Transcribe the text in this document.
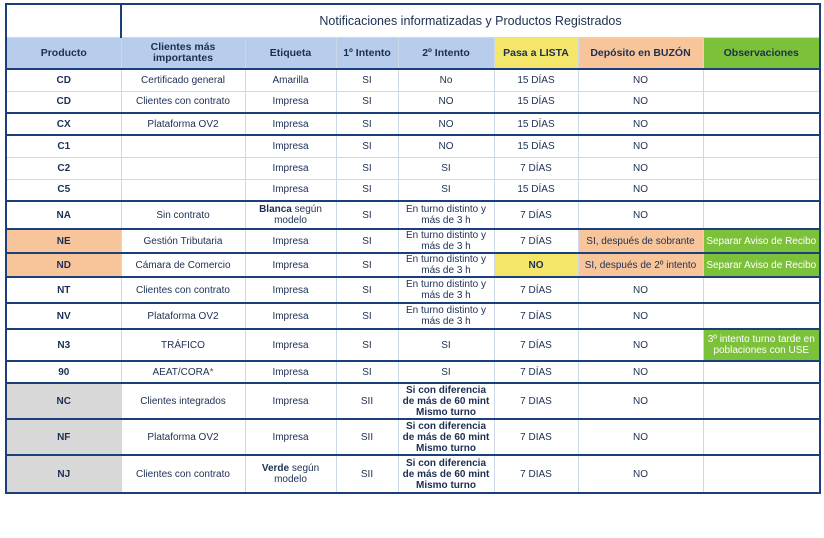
	Notificaciones informatizadas y Productos Registrados						
Producto	Clientes más importantes	Etiqueta	1º Intento	2º Intento	Pasa a LISTA	Depósito en BUZÓN	Observaciones
CD	Certificado general	Amarilla	SI	No	15 DÍAS	NO	
CD	Clientes con contrato	Impresa	SI	NO	15 DÍAS	NO	
CX	Plataforma OV2	Impresa	SI	NO	15 DÍAS	NO	
C1		Impresa	SI	NO	15 DÍAS	NO	
C2		Impresa	SI	SI	7 DÍAS	NO	
C5		Impresa	SI	SI	15 DÍAS	NO	
NA	Sin contrato	Blanca según modelo	SI	En turno distinto y más de 3 h	7 DÍAS	NO	
NE	Gestión Tributaria	Impresa	SI	En turno distinto y más de 3 h	7 DÍAS	SI, después de sobrante	Separar Aviso de Recibo
ND	Cámara de Comercio	Impresa	SI	En turno distinto y más de 3 h	NO	SI, después de 2º intento	Separar Aviso de Recibo
NT	Clientes con contrato	Impresa	SI	En turno distinto y más de 3 h	7 DÍAS	NO	
NV	Plataforma OV2	Impresa	SI	En turno distinto y más de 3 h	7 DÍAS	NO	
N3	TRÁFICO	Impresa	SI	SI	7 DÍAS	NO	3º intento turno tarde en poblaciones con USE
90	AEAT/CORA *	Impresa	SI	SI	7 DÍAS	NO	
NC	Clientes integrados	Impresa	SII	Si con diferencia de más de 60 mint Mismo turno	7 DIAS	NO	
NF	Plataforma OV2	Impresa	SII	Si con diferencia de más de 60 mint Mismo turno	7 DIAS	NO	
NJ	Clientes con contrato	Verde según modelo	SII	Si con diferencia de más de 60 mint Mismo turno	7 DIAS	NO	
